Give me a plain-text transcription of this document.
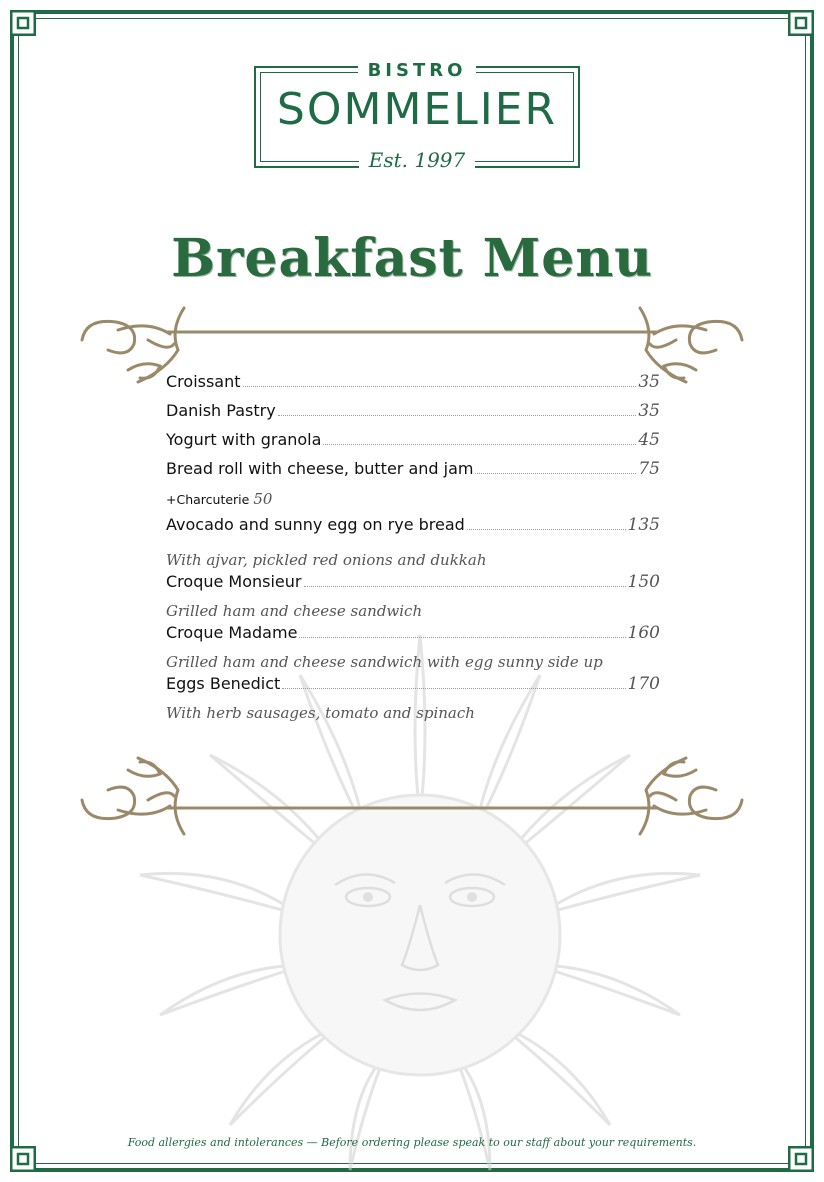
BISTRO
SOMMELIER
Est. 1997
Breakfast Menu
Croissant	35
Danish Pastry	35
Yogurt with granola	45
Bread roll with cheese, butter and jam	75
+Charcuterie 50
Avocado and sunny egg on rye bread	135
With ajvar, pickled red onions and dukkah
Croque Monsieur	150
Grilled ham and cheese sandwich
Croque Madame	160
Grilled ham and cheese sandwich with egg sunny side up
Eggs Benedict	170
With herb sausages, tomato and spinach
Food allergies and intolerances — Before ordering please speak to our staff about your requirements.
